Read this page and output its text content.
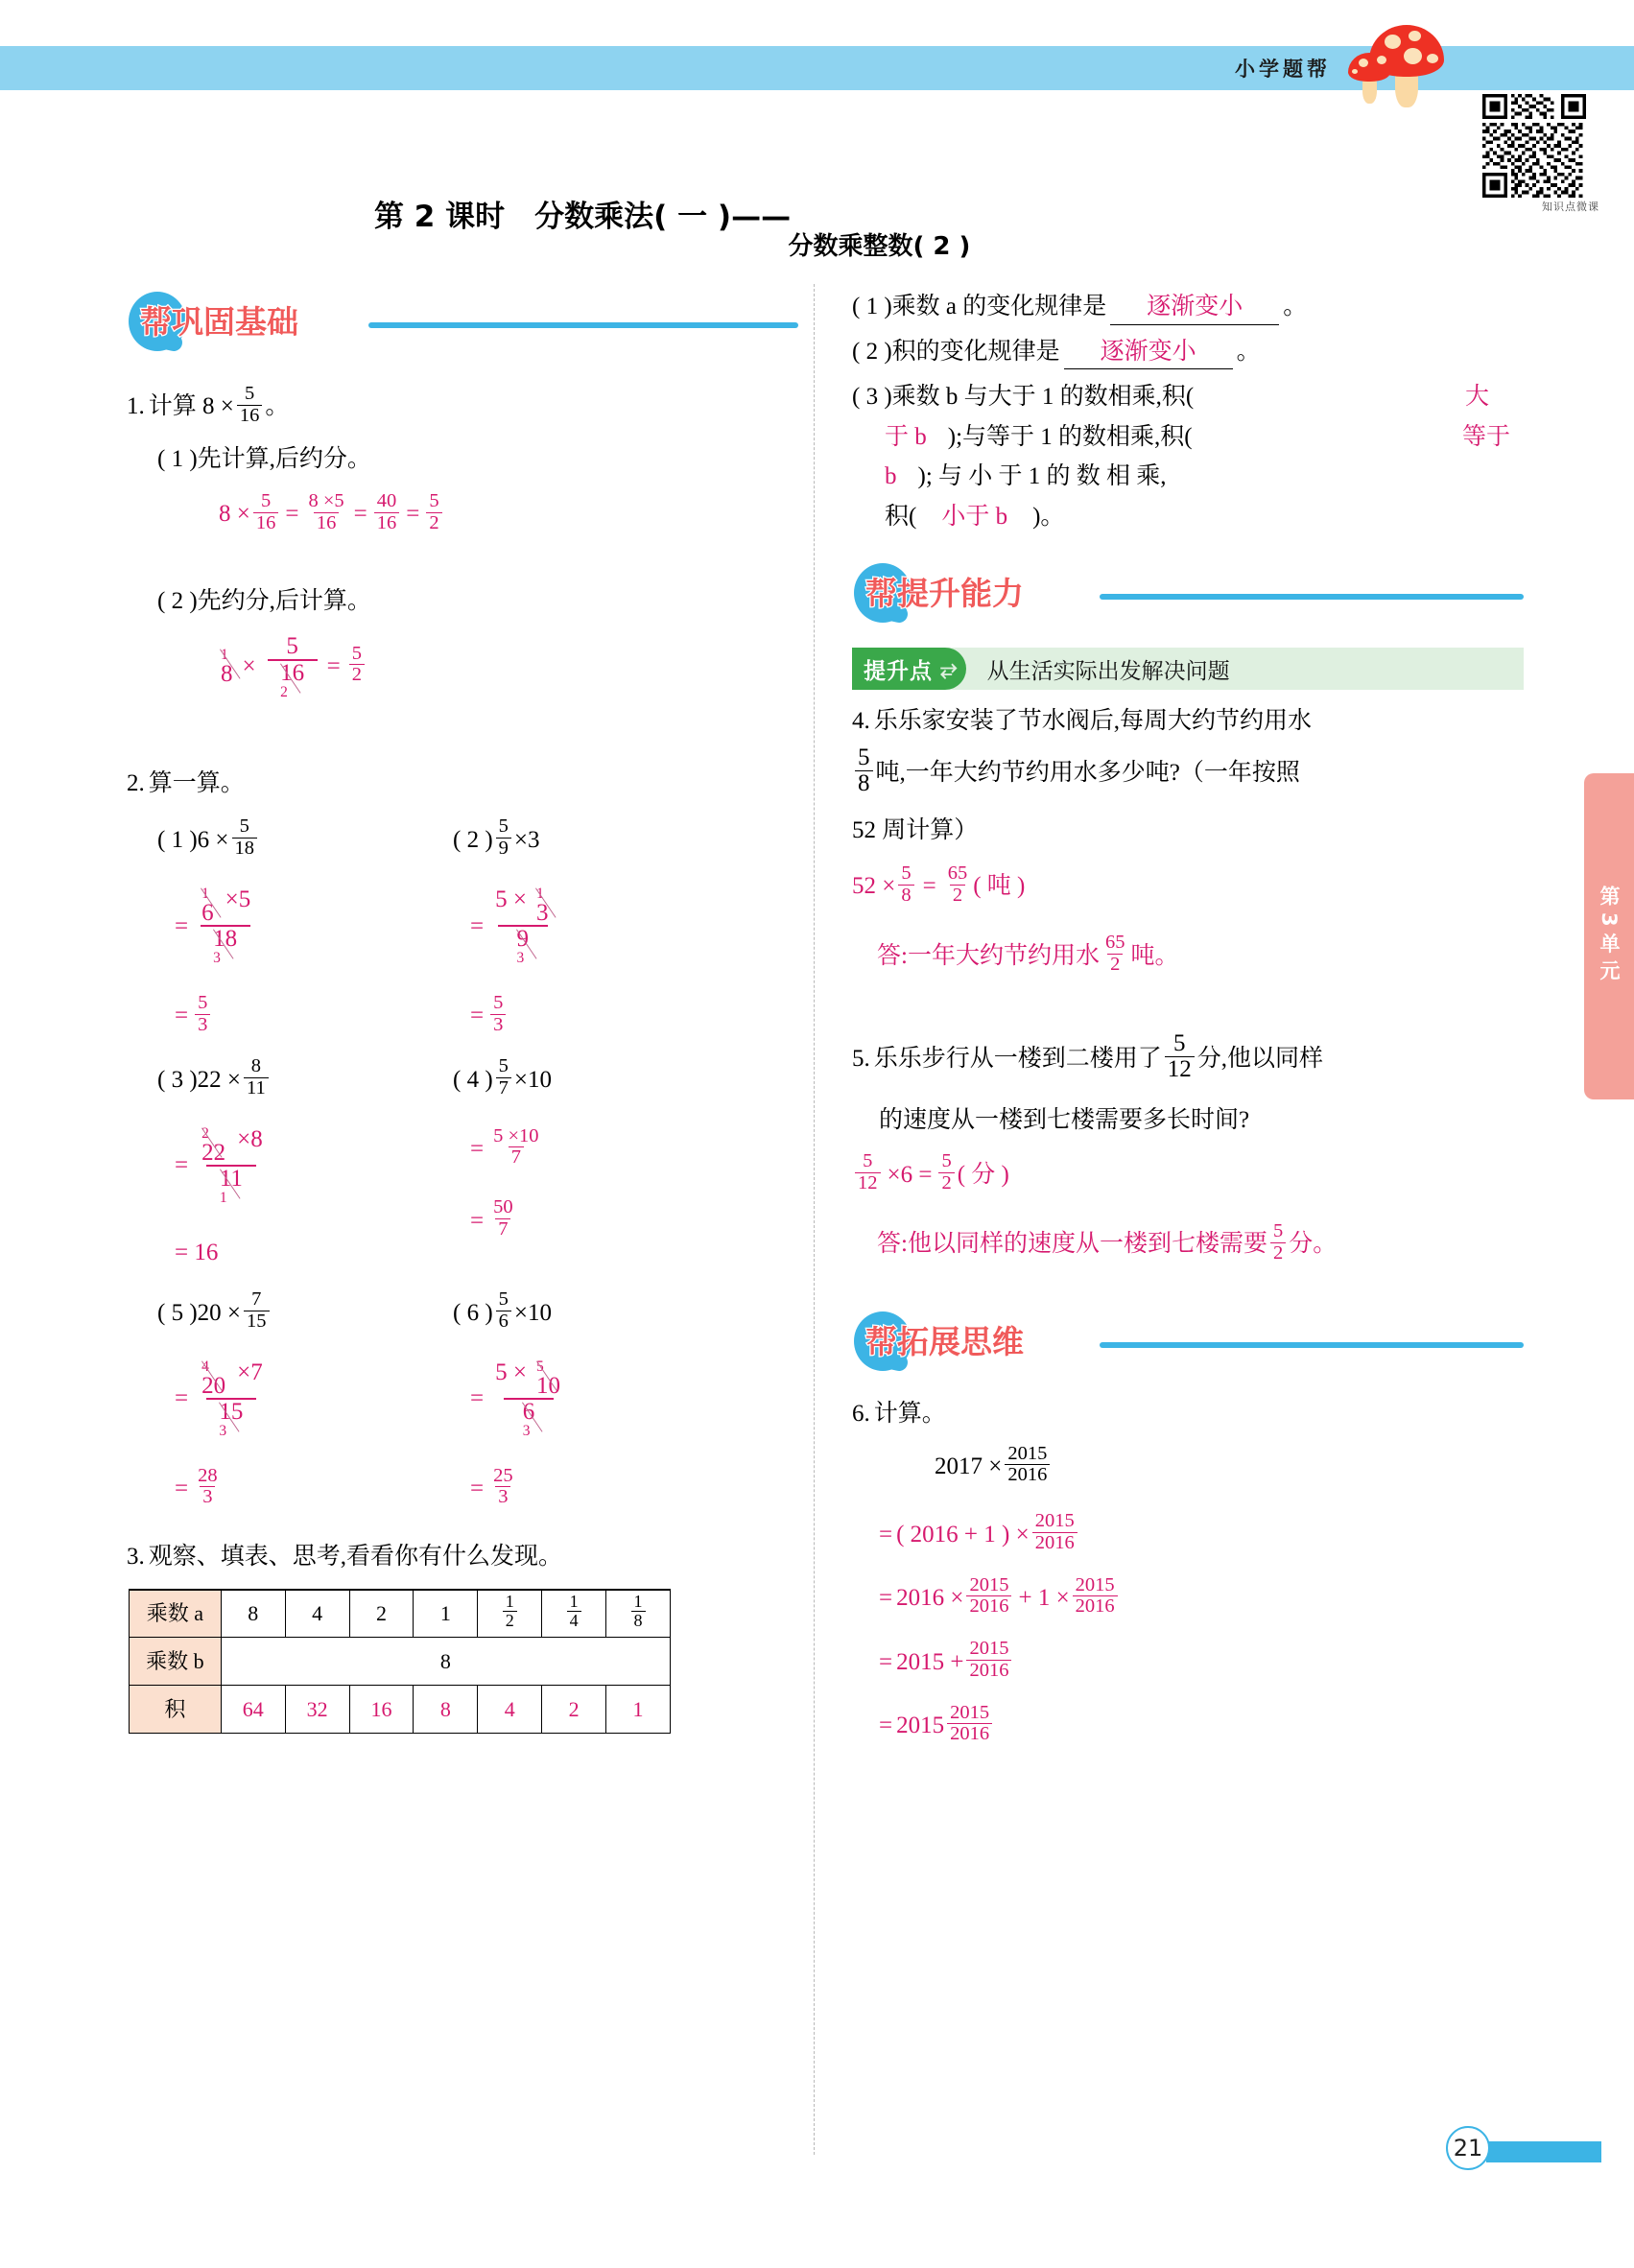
小学题帮
知识点微课
第3单元
第 2 课时　分数乘法( 一 )$——_{分数乘整数( 2 )}$
帮巩固基础
1. 计算 $8 \times \frac{5}{16}$ 。
( 1 )先计算,后约分。
$8 \times \frac{5}{16} = \frac{8 \times 5}{16} = \frac{40}{16} = \frac{5}{2}$
( 2 )先约分,后计算。
1
8 × 5
16
$2 = \frac{5}{2}$
2. 算一算。
( 1 ) $6 \times \frac{5}{18}$
= 1
6
×5
18
3
= $\frac{5}{3}$
( 2 ) $\frac{5}{9} \times 3$
= 5 × 1
3
9
3
= $\frac{5}{3}$
( 3 ) $22 \times \frac{8}{11}$
= 2
22
×8
11
1
= 16
( 4 ) $\frac{5}{7} \times 10$
= $\frac{5 \times 10}{7}$
= $\frac{50}{7}$
( 5 ) $20 \times \frac{7}{15}$
= 4
20
×7
15
3
= $\frac{28}{3}$
( 6 ) $\frac{5}{6} \times 10$
= 5 × 5
10
6
3
= $\frac{25}{3}$
3. 观察、填表、思考,看看你有什么发现。
乘数 a	8	4	2	1	$\frac{1}{2}$	$\frac{1}{4}$	$\frac{1}{8}$

乘数 b	8						
积	64	32	16	8	4	2	1
( 1 )乘数 a 的变化规律是	逐渐变小	。
( 2 )积的变化规律是	逐渐变小	。
( 3 )乘数 b 与大于 1 的数相乘,积(	大
于 b );与等于 1 的数相乘,积(	等于
b ); 与 小 于 1 的 数 相 乘,
积( 小于 b )。
帮提升能力
提升点 ⥂	从生活实际出发解决问题
4. 乐乐家安装了节水阀后,每周大约节约用水
5
8 吨,一年大约节约用水多少吨?（一年按照
52 周计算）
$52 \times \frac{5}{8} = \frac{65}{2}$ ( 吨 )
答:一年大约节约用水
65
2 吨。
5. 乐乐步行从一楼到二楼用了
5
12 分,他以同样
的速度从一楼到七楼需要多长时间?
$\frac{5}{12} \times 6 = \frac{5}{2}$ ( 分 )
答:他以同样的速度从一楼到七楼需要
5
2 分。
帮拓展思维
6. 计算。
$2017 \times \frac{2015}{2016}$
= ( 2016 + 1 ) × $\frac{2015}{2016}$
= $2016 \times \frac{2015}{2016} + 1 \times \frac{2015}{2016}$
= $2015 + \frac{2015}{2016}$
= 2015
2015
2016
21
